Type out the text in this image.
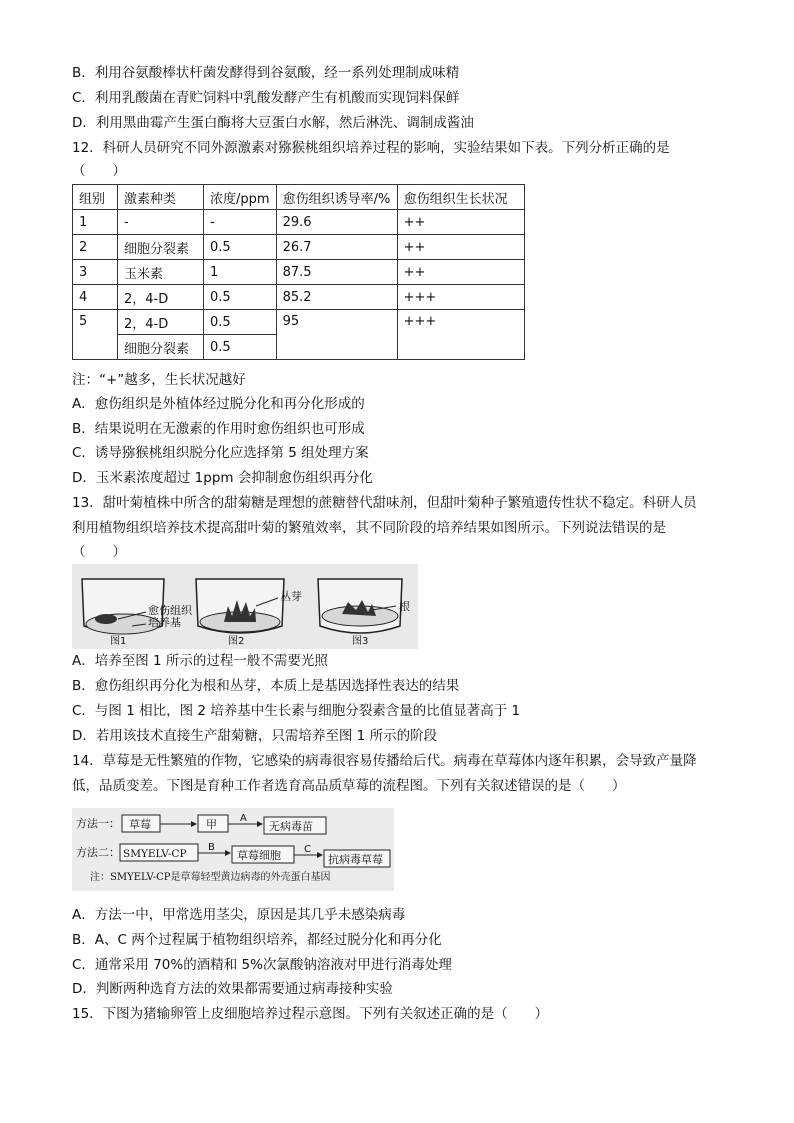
B．利用谷氨酸棒状杆菌发酵得到谷氨酸，经一系列处理制成味精
C．利用乳酸菌在青贮饲料中乳酸发酵产生有机酸而实现饲料保鲜
D．利用黑曲霉产生蛋白酶将大豆蛋白水解，然后淋洗、调制成酱油
12．科研人员研究不同外源激素对猕猴桃组织培养过程的影响，实验结果如下表。下列分析正确的是
（　　）
组别	激素种类	浓度/ppm	愈伤组织诱导率/%	愈伤组织生长状况
1	-	-	29.6	++
2	细胞分裂素	0.5	26.7	++
3	玉米素	1	87.5	++
4	2，4-D	0.5	85.2	+++
5	2，4-D	0.5	95	+++
	细胞分裂素	0.5		
注：“+”越多，生长状况越好
A．愈伤组织是外植体经过脱分化和再分化形成的
B．结果说明在无激素的作用时愈伤组织也可形成
C．诱导猕猴桃组织脱分化应选择第 5 组处理方案
D．玉米素浓度超过 1ppm 会抑制愈伤组织再分化
13．甜叶菊植株中所含的甜菊糖是理想的蔗糖替代甜味剂，但甜叶菊种子繁殖遗传性状不稳定。科研人员
利用植物组织培养技术提高甜叶菊的繁殖效率，其不同阶段的培养结果如图所示。下列说法错误的是
（　　）
愈伤组织
培养基
图1
丛芽
图2
根
图3
A．培养至图 1 所示的过程一般不需要光照
B．愈伤组织再分化为根和丛芽，本质上是基因选择性表达的结果
C．与图 1 相比，图 2 培养基中生长素与细胞分裂素含量的比值显著高于 1
D．若用该技术直接生产甜菊糖，只需培养至图 1 所示的阶段
14．草莓是无性繁殖的作物，它感染的病毒很容易传播给后代。病毒在草莓体内逐年积累，会导致产量降
低，品质变差。下图是育种工作者选育高品质草莓的流程图。下列有关叙述错误的是（　　）
方法一： 草莓	甲 A
无病毒苗
方法二： SMYELV-CP
B
草莓细胞 C
抗病毒草莓
注：SMYELV-CP是草莓轻型黄边病毒的外壳蛋白基因
A．方法一中，甲常选用茎尖，原因是其几乎未感染病毒
B．A、C 两个过程属于植物组织培养，都经过脱分化和再分化
C．通常采用 70%的酒精和 5%次氯酸钠溶液对甲进行消毒处理
D．判断两种选育方法的效果都需要通过病毒接种实验
15．下图为猪输卵管上皮细胞培养过程示意图。下列有关叙述正确的是（　　）
